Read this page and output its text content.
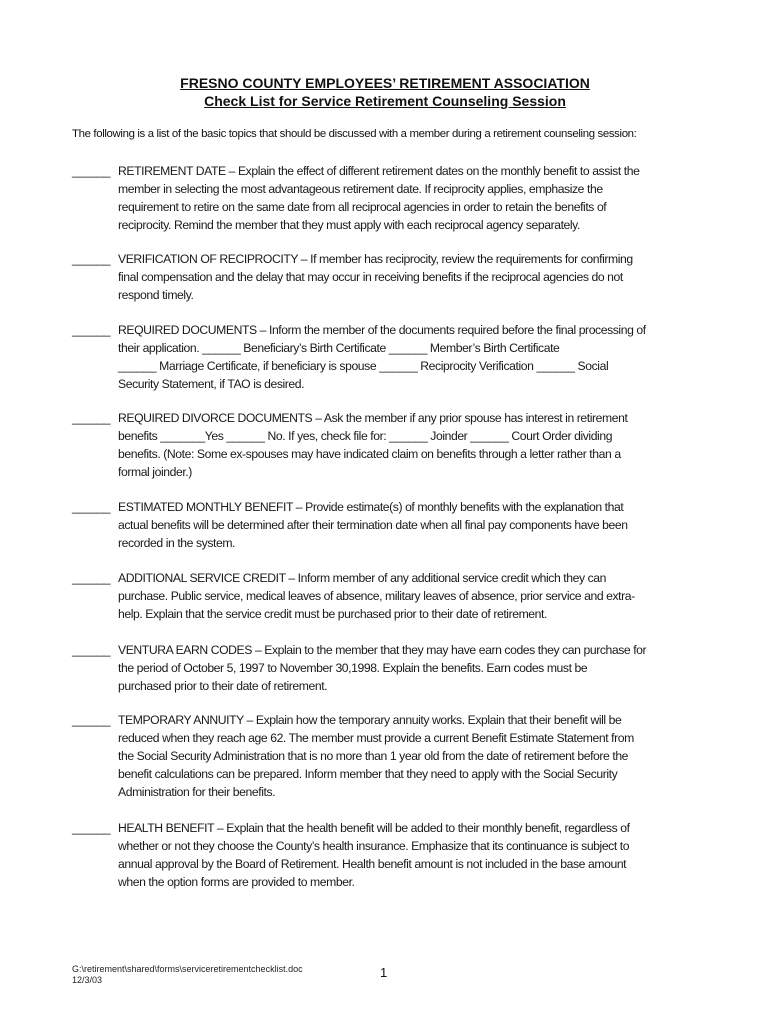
FRESNO COUNTY EMPLOYEES’ RETIREMENT ASSOCIATION
Check List for Service Retirement Counseling Session
The following is a list of the basic topics that should be discussed with a member during a retirement counseling session:
______ RETIREMENT DATE – Explain the effect of different retirement dates on the monthly benefit to assist the
member in selecting the most advantageous retirement date. If reciprocity applies, emphasize the
requirement to retire on the same date from all reciprocal agencies in order to retain the benefits of
reciprocity. Remind the member that they must apply with each reciprocal agency separately.
______ VERIFICATION OF RECIPROCITY – If member has reciprocity, review the requirements for confirming
final compensation and the delay that may occur in receiving benefits if the reciprocal agencies do not
respond timely.
______ REQUIRED DOCUMENTS – Inform the member of the documents required before the final processing of
their application. ______ Beneficiary’s Birth Certificate ______ Member’s Birth Certificate
______ Marriage Certificate, if beneficiary is spouse ______ Reciprocity Verification ______ Social
Security Statement, if TAO is desired.
______ REQUIRED DIVORCE DOCUMENTS – Ask the member if any prior spouse has interest in retirement
benefits _______Yes ______ No. If yes, check file for: ______ Joinder ______ Court Order dividing
benefits. (Note: Some ex-spouses may have indicated claim on benefits through a letter rather than a
formal joinder.)
______ ESTIMATED MONTHLY BENEFIT – Provide estimate(s) of monthly benefits with the explanation that
actual benefits will be determined after their termination date when all final pay components have been
recorded in the system.
______ ADDITIONAL SERVICE CREDIT – Inform member of any additional service credit which they can
purchase. Public service, medical leaves of absence, military leaves of absence, prior service and extra-
help. Explain that the service credit must be purchased prior to their date of retirement.
______ VENTURA EARN CODES – Explain to the member that they may have earn codes they can purchase for
the period of October 5, 1997 to November 30,1998. Explain the benefits. Earn codes must be
purchased prior to their date of retirement.
______ TEMPORARY ANNUITY – Explain how the temporary annuity works. Explain that their benefit will be
reduced when they reach age 62. The member must provide a current Benefit Estimate Statement from
the Social Security Administration that is no more than 1 year old from the date of retirement before the
benefit calculations can be prepared. Inform member that they need to apply with the Social Security
Administration for their benefits.
______ HEALTH BENEFIT – Explain that the health benefit will be added to their monthly benefit, regardless of
whether or not they choose the County’s health insurance. Emphasize that its continuance is subject to
annual approval by the Board of Retirement. Health benefit amount is not included in the base amount
when the option forms are provided to member.
G:\retirement\shared\forms\serviceretirementchecklist.doc
12/3/03	1
